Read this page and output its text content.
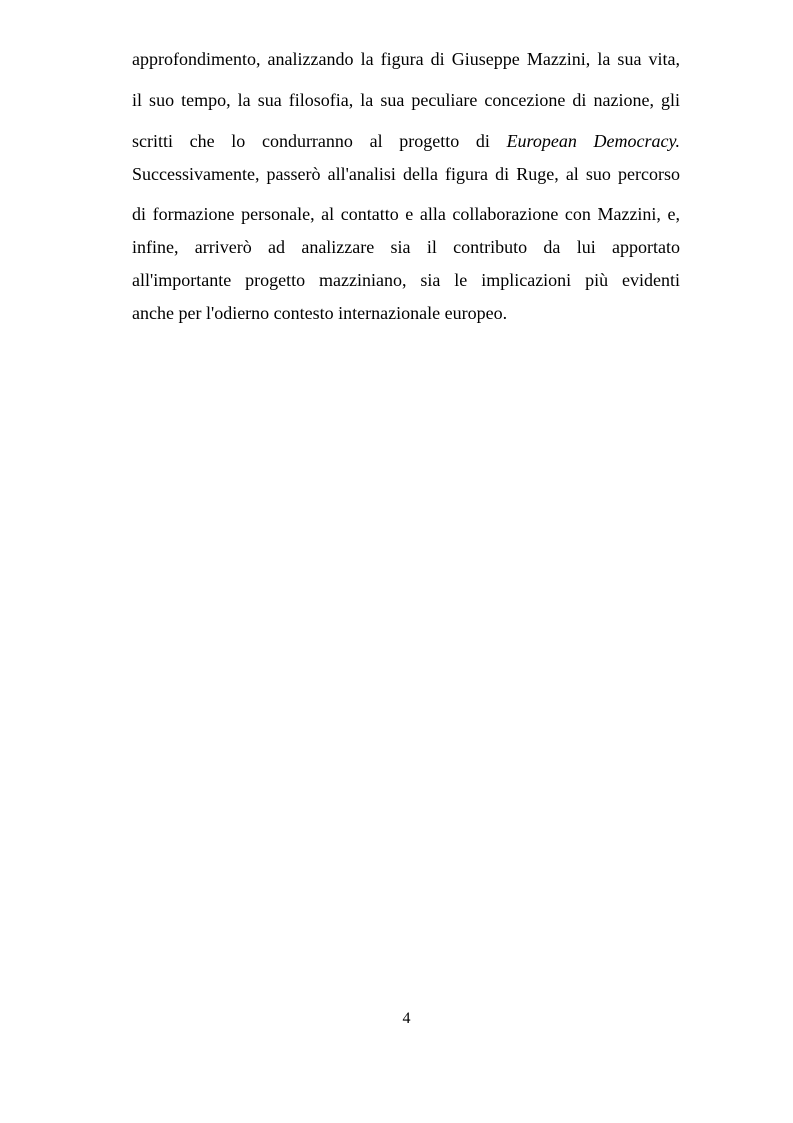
approfondimento, analizzando la figura di Giuseppe Mazzini, la sua vita,
il suo tempo, la sua filosofia, la sua peculiare concezione di nazione, gli
scritti che lo condurranno al progetto di European Democracy.
Successivamente, passerò all'analisi della figura di Ruge, al suo percorso
di formazione personale, al contatto e alla collaborazione con Mazzini, e,
infine, arriverò ad analizzare sia il contributo da lui apportato
all'importante progetto mazziniano, sia le implicazioni più evidenti
anche per l'odierno contesto internazionale europeo.
4
